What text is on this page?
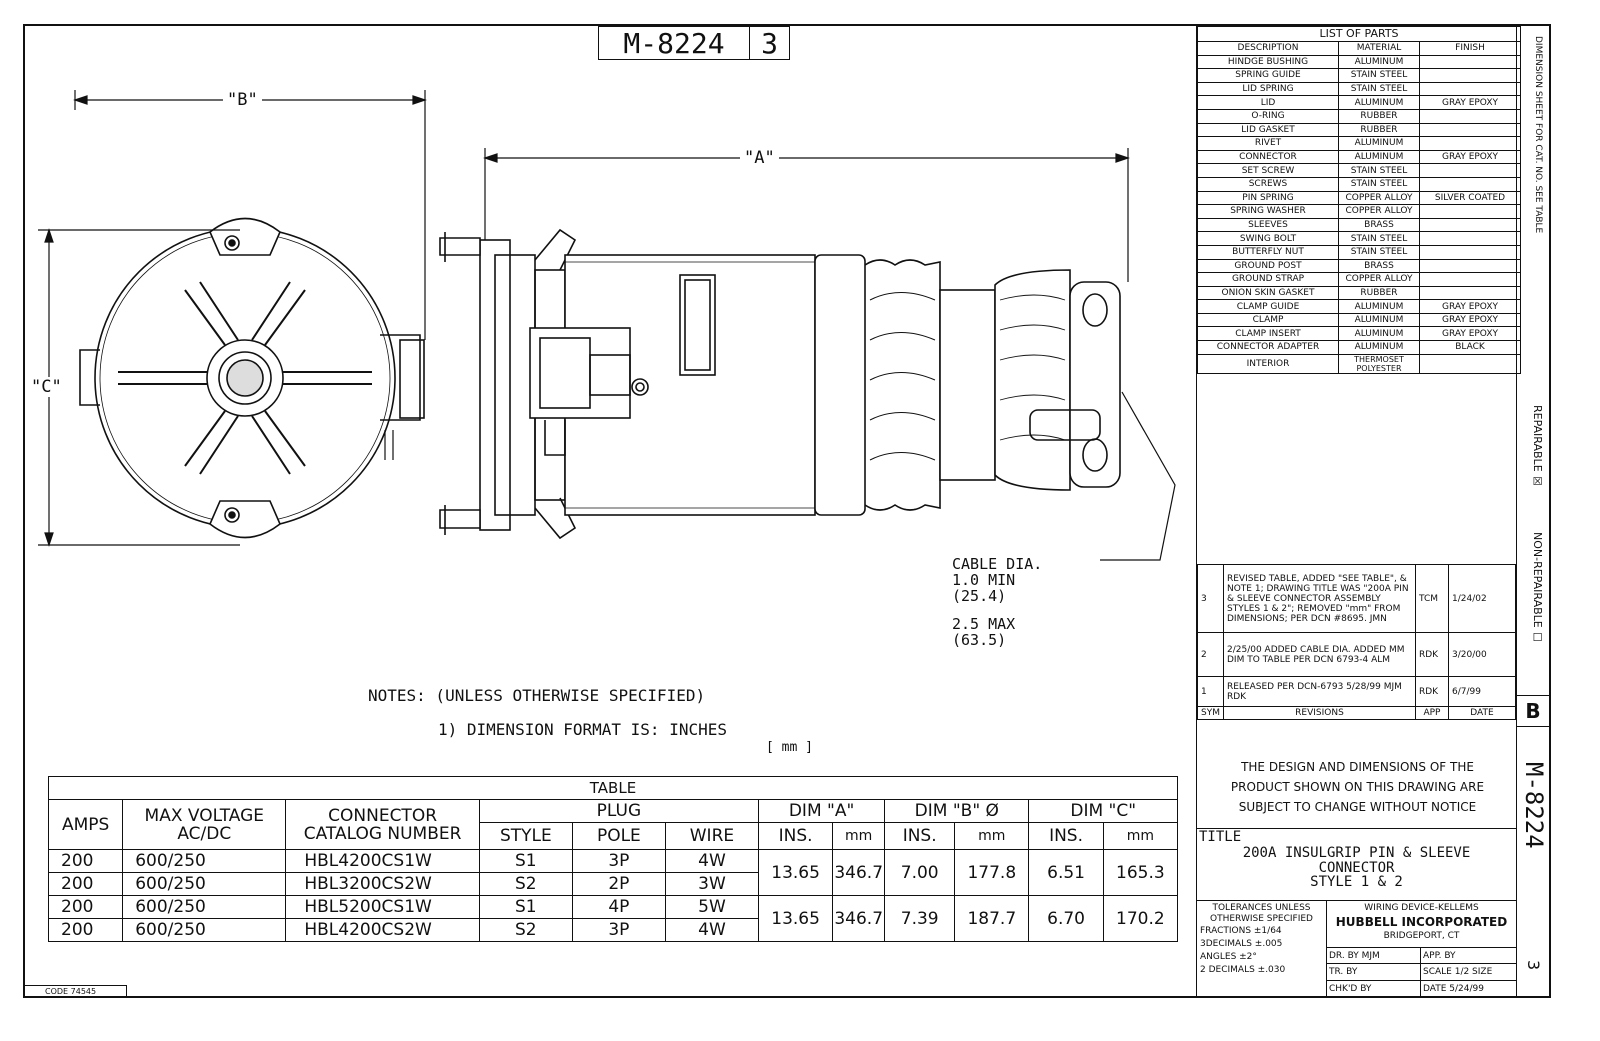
M-8224	3
"B"
"A"
"C"
CABLE DIA.
1.0 MIN
(25.4)
2.5 MAX
(63.5)
NOTES: (UNLESS OTHERWISE SPECIFIED)
1) DIMENSION FORMAT IS: INCHES
[ mm ]
LIST OF PARTS
DESCRIPTION	MATERIAL	FINISH
HINDGE BUSHING	ALUMINUM	
SPRING GUIDE	STAIN STEEL	
LID SPRING	STAIN STEEL	
LID	ALUMINUM	GRAY EPOXY
O-RING	RUBBER	
LID GASKET	RUBBER	
RIVET	ALUMINUM	
CONNECTOR	ALUMINUM	GRAY EPOXY
SET SCREW	STAIN STEEL	
SCREWS	STAIN STEEL	
PIN SPRING	COPPER ALLOY	SILVER COATED
SPRING WASHER	COPPER ALLOY	
SLEEVES	BRASS	
SWING BOLT	STAIN STEEL	
BUTTERFLY NUT	STAIN STEEL	
GROUND POST	BRASS	
GROUND STRAP	COPPER ALLOY	
ONION SKIN GASKET	RUBBER	
CLAMP GUIDE	ALUMINUM	GRAY EPOXY
CLAMP	ALUMINUM	GRAY EPOXY
CLAMP INSERT	ALUMINUM	GRAY EPOXY
CONNECTOR ADAPTER	ALUMINUM	BLACK
INTERIOR	THERMOSET POLYESTER	
DIMENSION SHEET FOR CAT. NO. SEE TABLE
REPAIRABLE ☒
NON-REPAIRABLE ☐
B
M-8224
3
3	REVISED TABLE, ADDED "SEE TABLE", & NOTE 1; DRAWING TITLE WAS "200A PIN & SLEEVE CONNECTOR ASSEMBLY STYLES 1 & 2"; REMOVED "mm" FROM DIMENSIONS; PER DCN #8695. JMN	TCM	1/24/02
2	2/25/00 ADDED CABLE DIA. ADDED MM DIM TO TABLE PER DCN 6793-4 ALM	RDK	3/20/00
1	RELEASED PER DCN-6793 5/28/99 MJM RDK	RDK	6/7/99
SYM	REVISIONS	APP	DATE
THE DESIGN AND DIMENSIONS OF THE PRODUCT SHOWN ON THIS DRAWING ARE SUBJECT TO CHANGE WITHOUT NOTICE
TITLE
200A INSULGRIP PIN & SLEEVE
CONNECTOR
STYLE 1 & 2
TOLERANCES UNLESS OTHERWISE SPECIFIED
FRACTIONS ±1/64
3DECIMALS ±.005
ANGLES ±2°
2 DECIMALS ±.030
WIRING DEVICE-KELLEMS
HUBBELL INCORPORATED
BRIDGEPORT, CT
DR. BY MJM	APP. BY
TR. BY	SCALE 1/2 SIZE
CHK'D BY	DATE 5/24/99
TABLE											
AMPS	MAX VOLTAGE AC/DC	CONNECTOR CATALOG NUMBER	PLUG			DIM "A"		DIM "B" Ø		DIM "C"	
			STYLE	POLE	WIRE	INS.	mm	INS.	mm	INS.	mm
200	600/250	HBL4200CS1W	S1	3P	4W	13.65	346.7	7.00	177.8	6.51	165.3
200	600/250	HBL3200CS2W	S2	2P	3W						
200	600/250	HBL5200CS1W	S1	4P	5W	13.65	346.7	7.39	187.7	6.70	170.2
200	600/250	HBL4200CS2W	S2	3P	4W						
CODE 74545
